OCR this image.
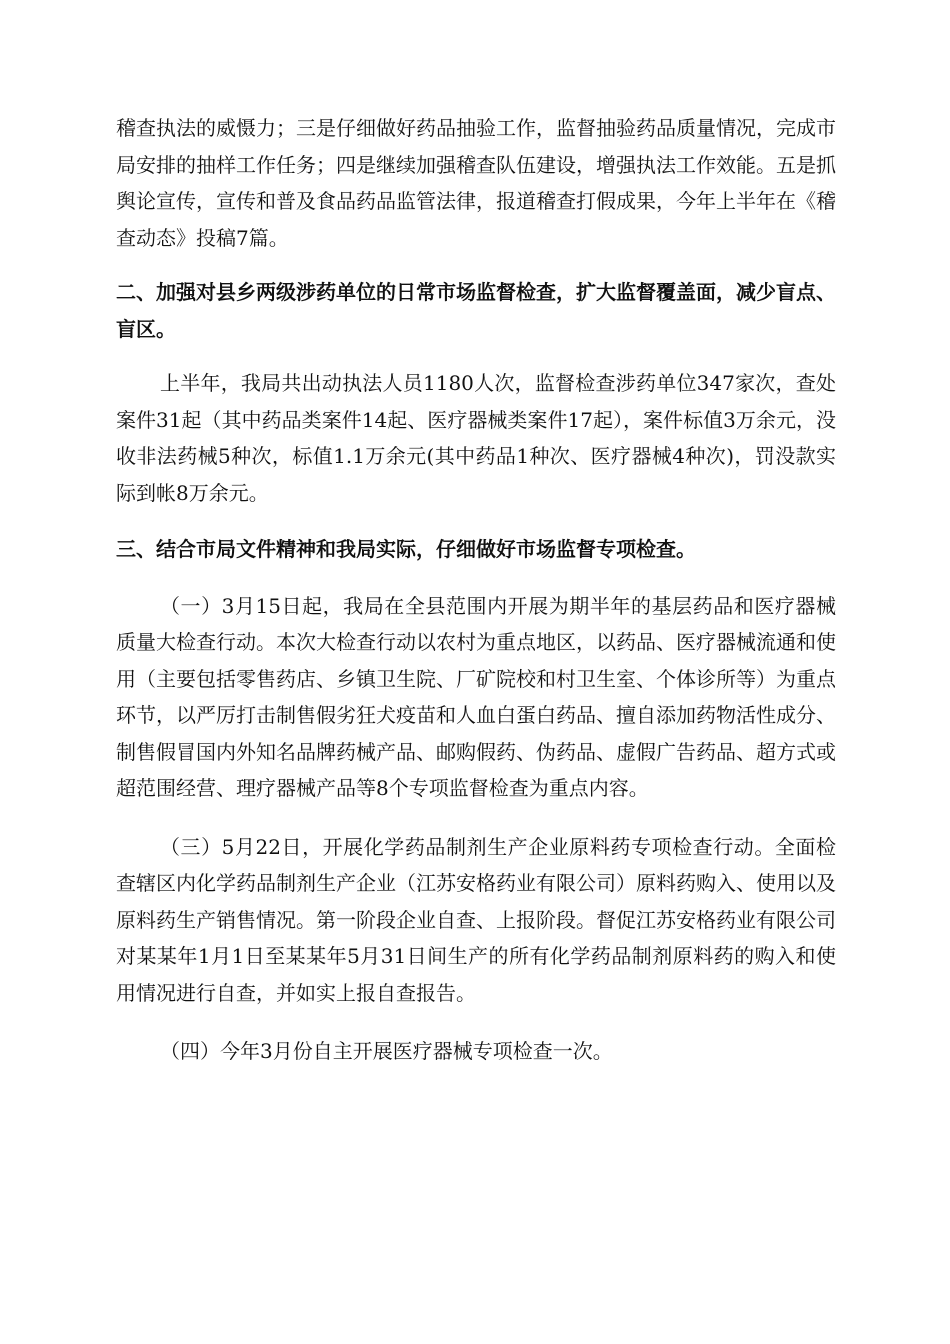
稽查执法的威慑力；三是仔细做好药品抽验工作，监督抽验药品质量情况，完成市局安排的抽样工作任务；四是继续加强稽查队伍建设，增强执法工作效能。五是抓舆论宣传，宣传和普及食品药品监管法律，报道稽查打假成果，今年上半年在《稽查动态》投稿7篇。

二、加强对县乡两级涉药单位的日常市场监督检查，扩大监督覆盖面，减少盲点、盲区。

上半年，我局共出动执法人员1180人次，监督检查涉药单位347家次，查处案件31起（其中药品类案件14起、医疗器械类案件17起），案件标值3万余元，没收非法药械5种次，标值1.1万余元(其中药品1种次、医疗器械4种次)，罚没款实际到帐8万余元。

三、结合市局文件精神和我局实际，仔细做好市场监督专项检查。

（一）3月15日起，我局在全县范围内开展为期半年的基层药品和医疗器械质量大检查行动。本次大检查行动以农村为重点地区，以药品、医疗器械流通和使用（主要包括零售药店、乡镇卫生院、厂矿院校和村卫生室、个体诊所等）为重点环节，以严厉打击制售假劣狂犬疫苗和人血白蛋白药品、擅自添加药物活性成分、制售假冒国内外知名品牌药械产品、邮购假药、伪药品、虚假广告药品、超方式或超范围经营、理疗器械产品等8个专项监督检查为重点内容。

（三）5月22日，开展化学药品制剂生产企业原料药专项检查行动。全面检查辖区内化学药品制剂生产企业（江苏安格药业有限公司）原料药购入、使用以及原料药生产销售情况。第一阶段企业自查、上报阶段。督促江苏安格药业有限公司对某某年1月1日至某某年5月31日间生产的所有化学药品制剂原料药的购入和使用情况进行自查，并如实上报自查报告。

（四）今年3月份自主开展医疗器械专项检查一次。
